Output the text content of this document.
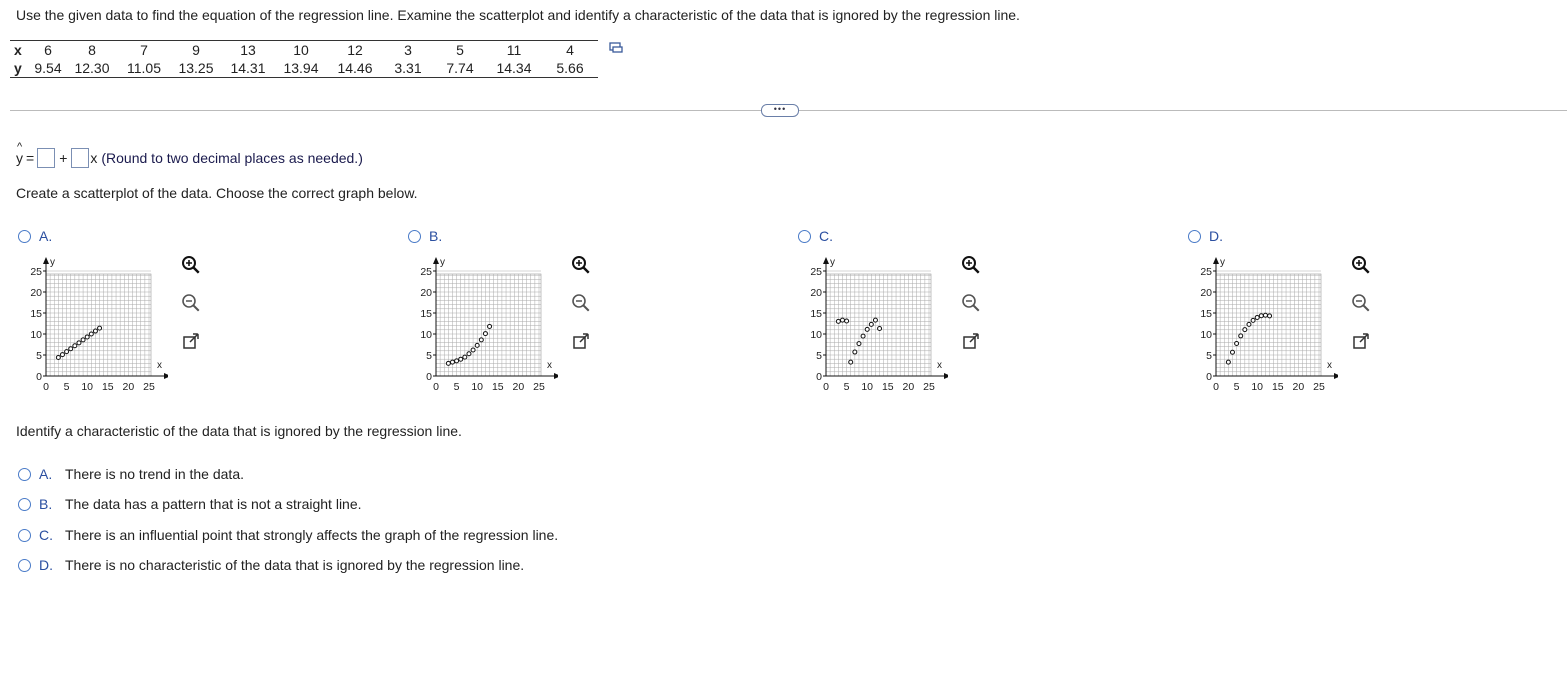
Use the given data to find the equation of the regression line. Examine the scatterplot and identify a characteristic of the data that is ignored by the regression line.
x	6	8	7	9	13	10	12	3	5	11	4
y	9.54	12.30	11.05	13.25	14.31	13.94	14.46	3.31	7.74	14.34	5.66
•••
^
y = + x (Round to two decimal places as needed.)
Create a scatterplot of the data. Choose the correct graph below.
A.
x
y
0 5 10 15 20 25
0
5
10
15
20
25
B.
x
y
0 5 10 15 20 25
0
5
10
15
20
25
C.
x
y
0 5 10 15 20 25
0
5
10
15
20
25
D.
x
y
0 5 10 15 20 25
0
5
10
15
20
25
Identify a characteristic of the data that is ignored by the regression line.
A. There is no trend in the data.
B. The data has a pattern that is not a straight line.
C. There is an influential point that strongly affects the graph of the regression line.
D. There is no characteristic of the data that is ignored by the regression line.
